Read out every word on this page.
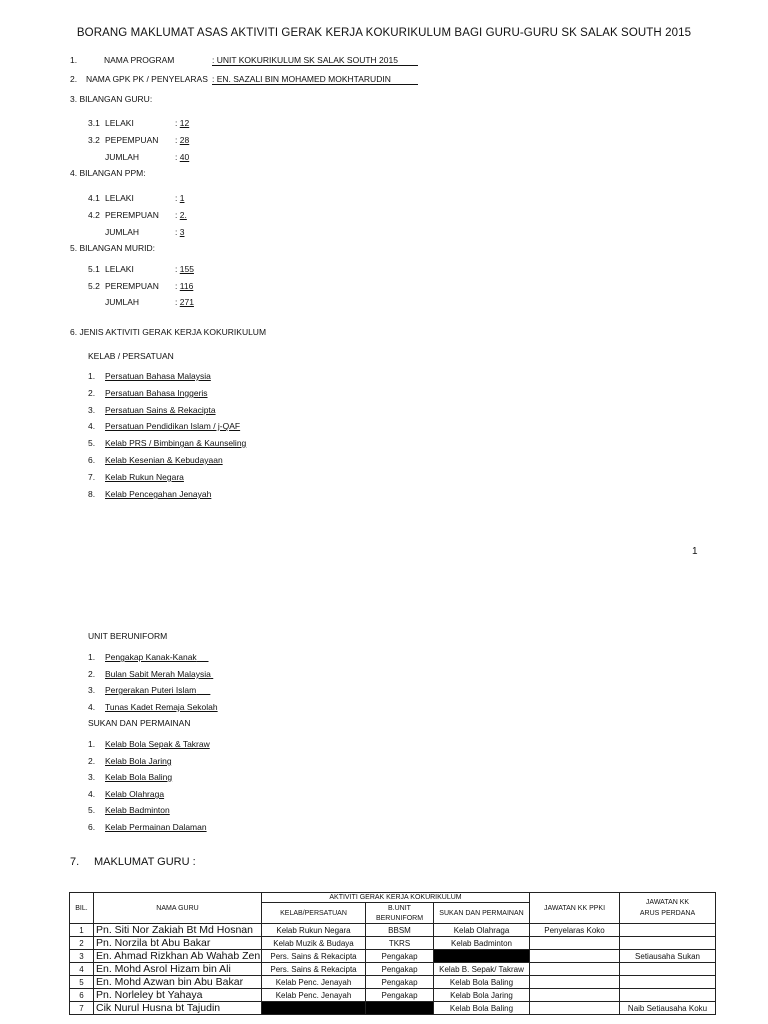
BORANG MAKLUMAT ASAS AKTIVITI GERAK KERJA KOKURIKULUM BAGI GURU-GURU SK SALAK SOUTH 2015
1.	NAMA PROGRAM	: UNIT KOKURIKULUM SK SALAK SOUTH 2015
2. NAMA GPK PK / PENYELARAS : EN. SAZALI BIN MOHAMED MOKHTARUDIN
3. BILANGAN GURU:
3.1 LELAKI	: 12
3.2 PEPEMPUAN : 28
JUMLAH	: 40
4. BILANGAN PPM:
4.1 LELAKI	: 1
4.2 PEREMPUAN : 2.
JUMLAH	: 3
5. BILANGAN MURID:
5.1 LELAKI	: 155
5.2 PEREMPUAN : 116
JUMLAH	: 271
6. JENIS AKTIVITI GERAK KERJA KOKURIKULUM
KELAB / PERSATUAN
1. Persatuan Bahasa Malaysia
2. Persatuan Bahasa Inggeris
3. Persatuan Sains & Rekacipta
4. Persatuan Pendidikan Islam / j-QAF
5. Kelab PRS / Bimbingan & Kaunseling
6. Kelab Kesenian & Kebudayaan
7. Kelab Rukun Negara
8. Kelab Pencegahan Jenayah
1
UNIT BERUNIFORM
1. Pengakap Kanak-Kanak
2. Bulan Sabit Merah Malaysia
3. Pergerakan Puteri Islam
4. Tunas Kadet Remaja Sekolah
SUKAN DAN PERMAINAN
1. Kelab Bola Sepak & Takraw
2. Kelab Bola Jaring
3. Kelab Bola Baling
4. Kelab Olahraga
5. Kelab Badminton
6. Kelab Permainan Dalaman
7. MAKLUMAT GURU :
BIL.	NAMA GURU	AKTIVITI GERAK KERJA KOKURIKULUM			JAWATAN KK PPKI	JAWATAN KK
ARUS PERDANA

		KELAB/PERSATUAN	B.UNIT
BERUNIFORM	SUKAN DAN PERMAINAN		
1	Pn. Siti Nor Zakiah Bt Md Hosnan	Kelab Rukun Negara	BBSM	Kelab Olahraga	Penyelaras Koko	
2	Pn. Norzila bt Abu Bakar	Kelab Muzik & Budaya	TKRS	Kelab Badminton		
3	En. Ahmad Rizkhan Ab Wahab Zen	Pers. Sains & Rekacipta	Pengakap			Setiausaha Sukan
4	En. Mohd Asrol Hizam bin Ali	Pers. Sains & Rekacipta	Pengakap	Kelab B. Sepak/ Takraw		
5	En. Mohd Azwan bin Abu Bakar	Kelab Penc. Jenayah	Pengakap	Kelab Bola Baling		
6	Pn. Norleley bt Yahaya	Kelab Penc. Jenayah	Pengakap	Kelab Bola Jaring		
7	Cik Nurul Husna bt Tajudin			Kelab Bola Baling		Naib Setiausaha Koku
